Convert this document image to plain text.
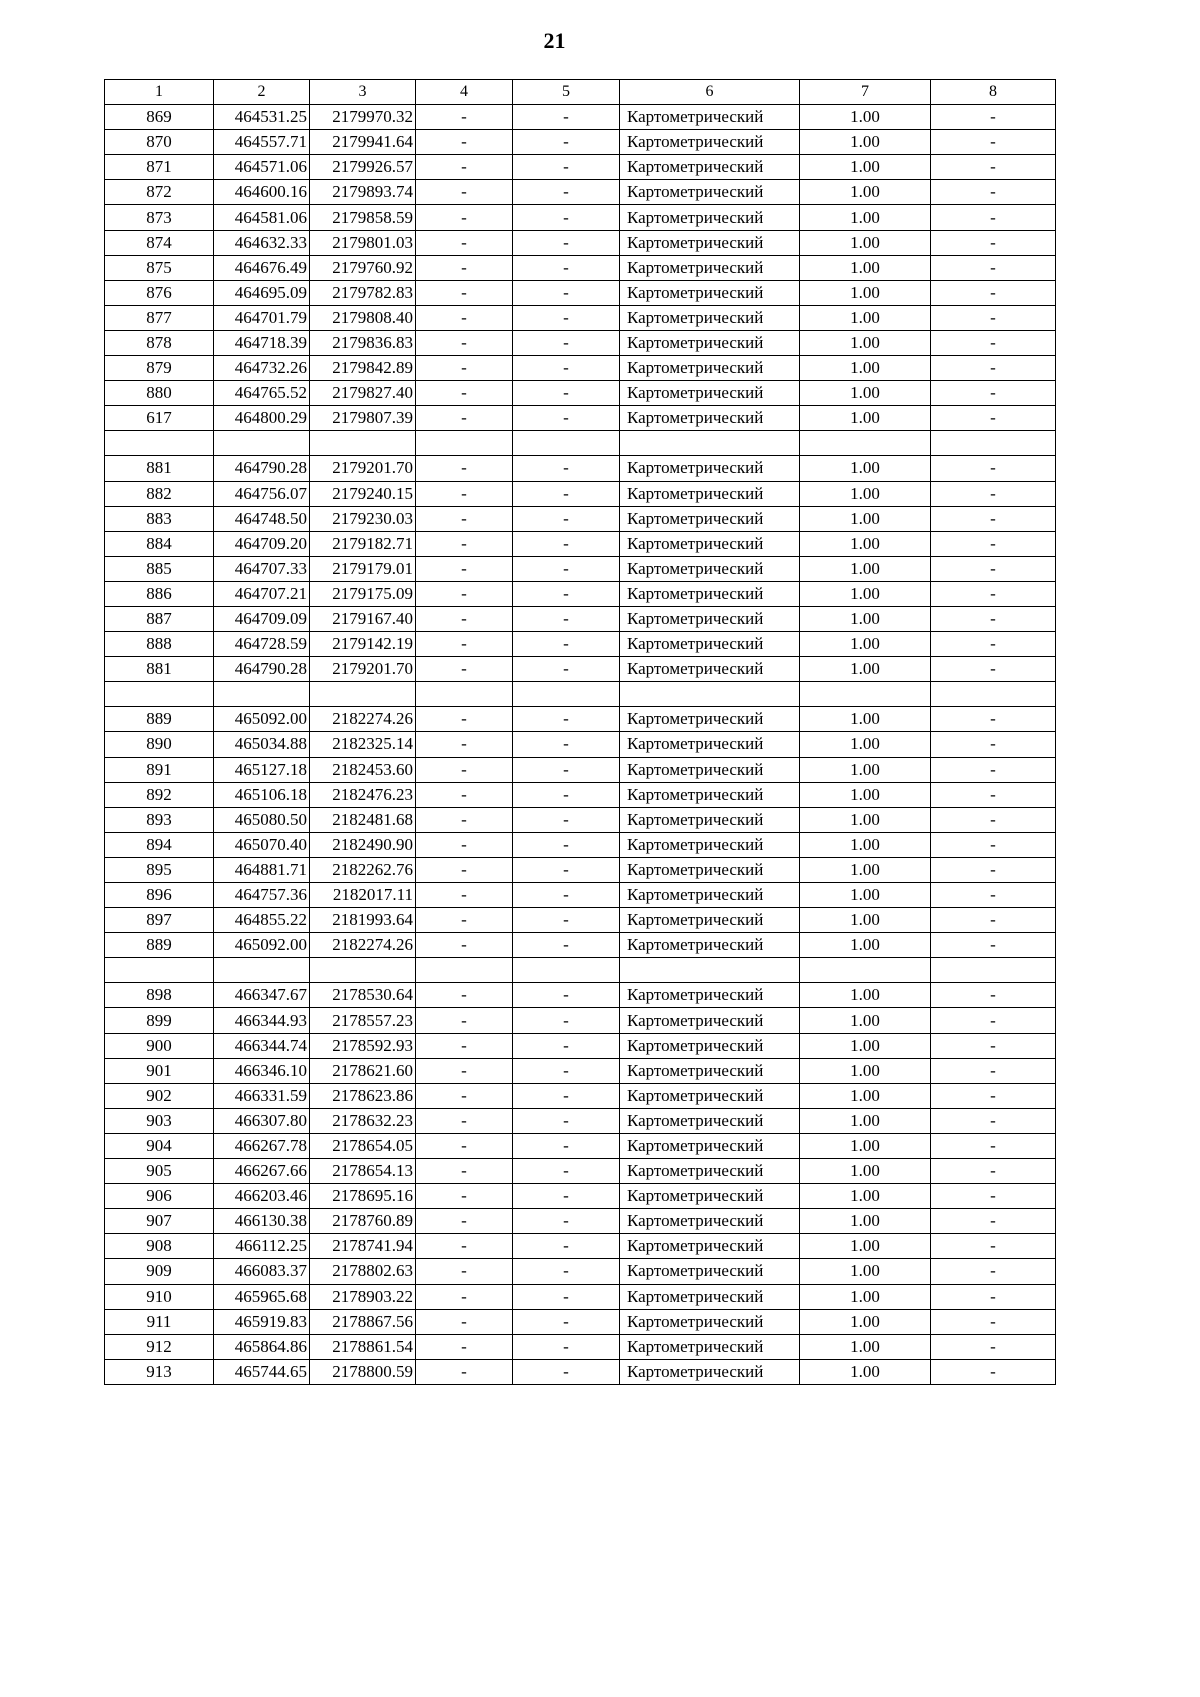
21
1	2	3	4	5	6	7	8
869	464531.25	2179970.32	-	-	Картометрический	1.00	-
870	464557.71	2179941.64	-	-	Картометрический	1.00	-
871	464571.06	2179926.57	-	-	Картометрический	1.00	-
872	464600.16	2179893.74	-	-	Картометрический	1.00	-
873	464581.06	2179858.59	-	-	Картометрический	1.00	-
874	464632.33	2179801.03	-	-	Картометрический	1.00	-
875	464676.49	2179760.92	-	-	Картометрический	1.00	-
876	464695.09	2179782.83	-	-	Картометрический	1.00	-
877	464701.79	2179808.40	-	-	Картометрический	1.00	-
878	464718.39	2179836.83	-	-	Картометрический	1.00	-
879	464732.26	2179842.89	-	-	Картометрический	1.00	-
880	464765.52	2179827.40	-	-	Картометрический	1.00	-
617	464800.29	2179807.39	-	-	Картометрический	1.00	-

881	464790.28	2179201.70	-	-	Картометрический	1.00	-
882	464756.07	2179240.15	-	-	Картометрический	1.00	-
883	464748.50	2179230.03	-	-	Картометрический	1.00	-
884	464709.20	2179182.71	-	-	Картометрический	1.00	-
885	464707.33	2179179.01	-	-	Картометрический	1.00	-
886	464707.21	2179175.09	-	-	Картометрический	1.00	-
887	464709.09	2179167.40	-	-	Картометрический	1.00	-
888	464728.59	2179142.19	-	-	Картометрический	1.00	-
881	464790.28	2179201.70	-	-	Картометрический	1.00	-

889	465092.00	2182274.26	-	-	Картометрический	1.00	-
890	465034.88	2182325.14	-	-	Картометрический	1.00	-
891	465127.18	2182453.60	-	-	Картометрический	1.00	-
892	465106.18	2182476.23	-	-	Картометрический	1.00	-
893	465080.50	2182481.68	-	-	Картометрический	1.00	-
894	465070.40	2182490.90	-	-	Картометрический	1.00	-
895	464881.71	2182262.76	-	-	Картометрический	1.00	-
896	464757.36	2182017.11	-	-	Картометрический	1.00	-
897	464855.22	2181993.64	-	-	Картометрический	1.00	-
889	465092.00	2182274.26	-	-	Картометрический	1.00	-

898	466347.67	2178530.64	-	-	Картометрический	1.00	-
899	466344.93	2178557.23	-	-	Картометрический	1.00	-
900	466344.74	2178592.93	-	-	Картометрический	1.00	-
901	466346.10	2178621.60	-	-	Картометрический	1.00	-
902	466331.59	2178623.86	-	-	Картометрический	1.00	-
903	466307.80	2178632.23	-	-	Картометрический	1.00	-
904	466267.78	2178654.05	-	-	Картометрический	1.00	-
905	466267.66	2178654.13	-	-	Картометрический	1.00	-
906	466203.46	2178695.16	-	-	Картометрический	1.00	-
907	466130.38	2178760.89	-	-	Картометрический	1.00	-
908	466112.25	2178741.94	-	-	Картометрический	1.00	-
909	466083.37	2178802.63	-	-	Картометрический	1.00	-
910	465965.68	2178903.22	-	-	Картометрический	1.00	-
911	465919.83	2178867.56	-	-	Картометрический	1.00	-
912	465864.86	2178861.54	-	-	Картометрический	1.00	-
913	465744.65	2178800.59	-	-	Картометрический	1.00	-
